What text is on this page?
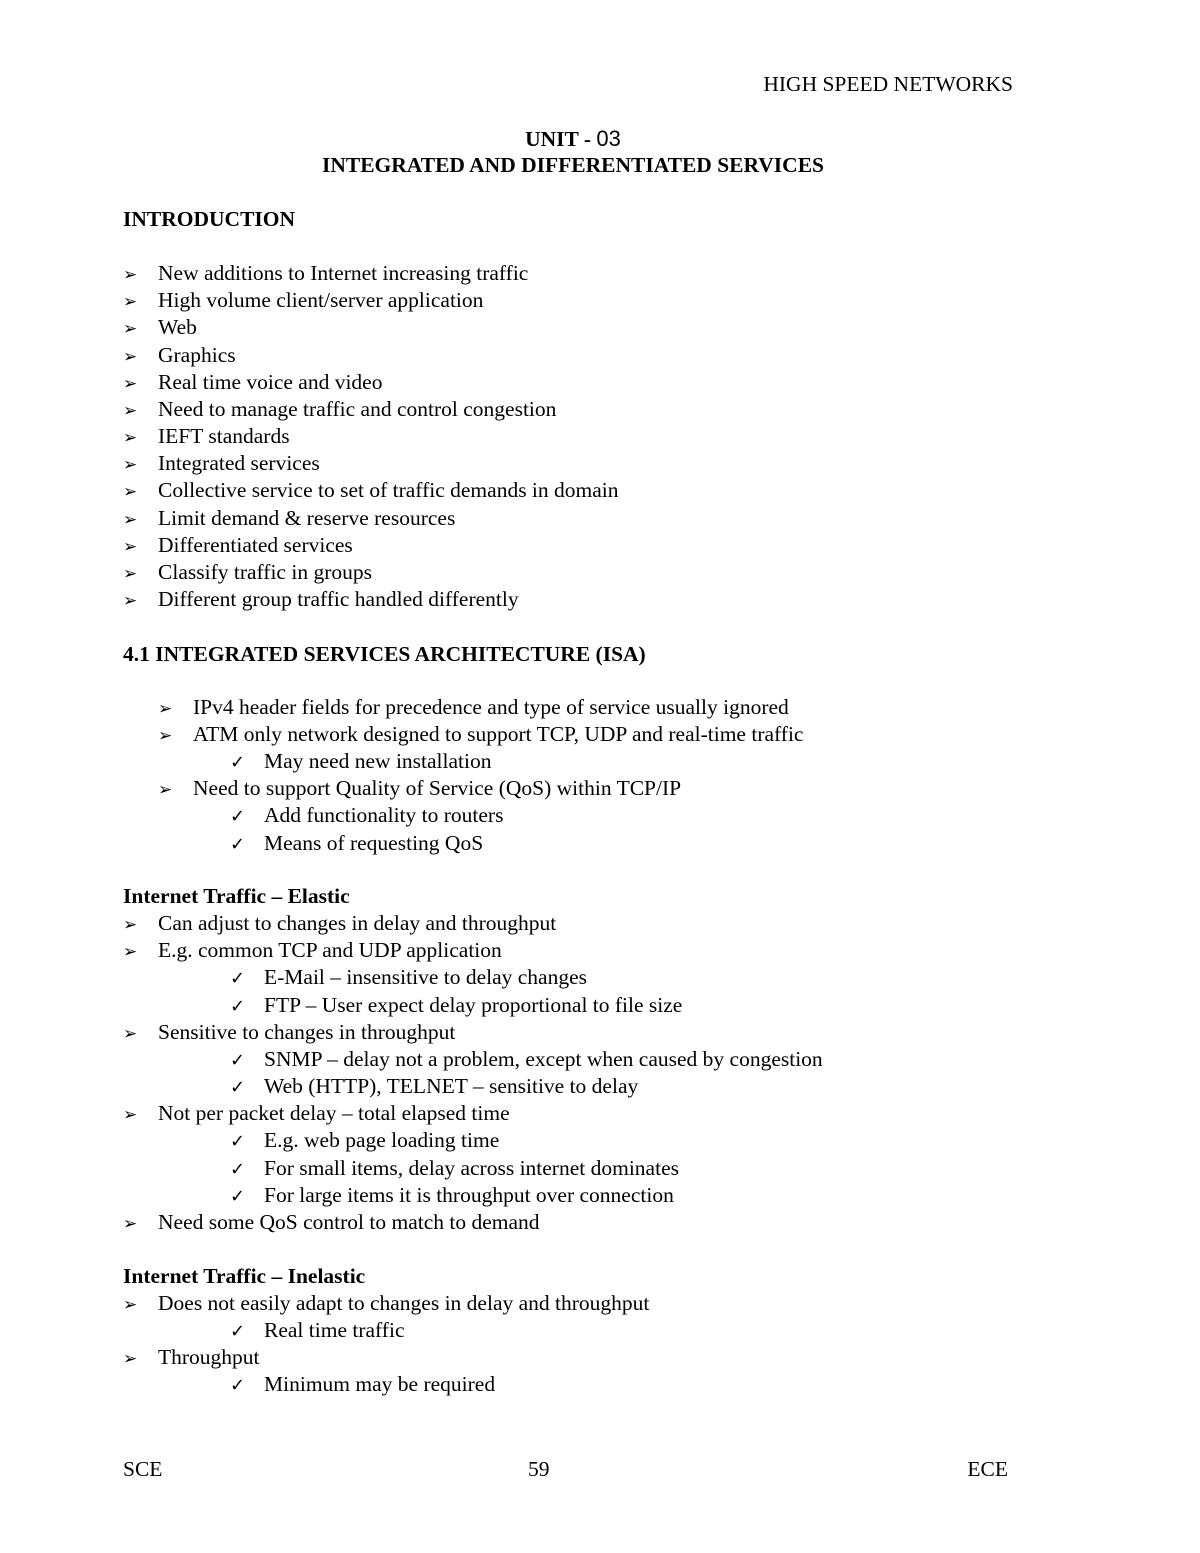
HIGH SPEED NETWORKS
UNIT - 03
INTEGRATED AND DIFFERENTIATED SERVICES
INTRODUCTION
➢ New additions to Internet increasing traffic
➢ High volume client/server application
➢ Web
➢ Graphics
➢ Real time voice and video
➢ Need to manage traffic and control congestion
➢ IEFT standards
➢ Integrated services
➢ Collective service to set of traffic demands in domain
➢ Limit demand & reserve resources
➢ Differentiated services
➢ Classify traffic in groups
➢ Different group traffic handled differently
4.1 INTEGRATED SERVICES ARCHITECTURE (ISA)
➢ IPv4 header fields for precedence and type of service usually ignored
➢ ATM only network designed to support TCP, UDP and real-time traffic
✓ May need new installation
➢ Need to support Quality of Service (QoS) within TCP/IP
✓ Add functionality to routers
✓ Means of requesting QoS
Internet Traffic – Elastic
➢ Can adjust to changes in delay and throughput
➢ E.g. common TCP and UDP application
✓ E-Mail – insensitive to delay changes
✓ FTP – User expect delay proportional to file size
➢ Sensitive to changes in throughput
✓ SNMP – delay not a problem, except when caused by congestion
✓ Web (HTTP), TELNET – sensitive to delay
➢ Not per packet delay – total elapsed time
✓ E.g. web page loading time
✓ For small items, delay across internet dominates
✓ For large items it is throughput over connection
➢ Need some QoS control to match to demand
Internet Traffic – Inelastic
➢ Does not easily adapt to changes in delay and throughput
✓ Real time traffic
➢ Throughput
✓ Minimum may be required
SCE	59	ECE
